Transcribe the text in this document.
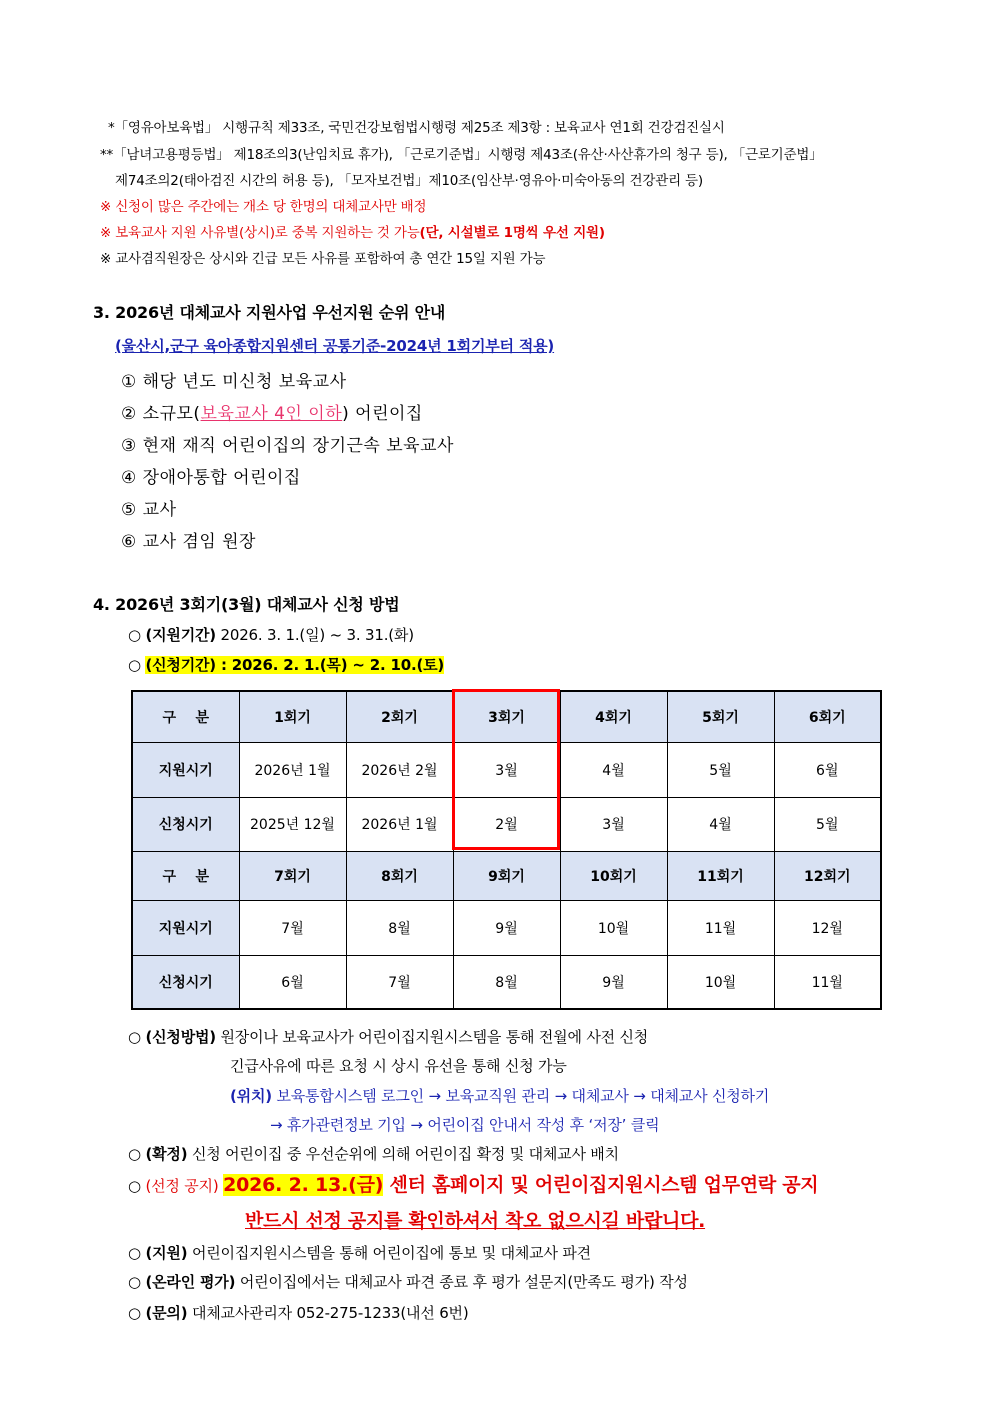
*「영유아보육법」 시행규칙 제33조, 국민건강보험법시행령 제25조 제3항 : 보육교사 연1회 건강검진실시
**「남녀고용평등법」 제18조의3(난임치료 휴가), 「근로기준법」시행령 제43조(유산·사산휴가의 청구 등), 「근로기준법」
제74조의2(태아검진 시간의 허용 등), 「모자보건법」제10조(임산부·영유아·미숙아동의 건강관리 등)
※ 신청이 많은 주간에는 개소 당 한명의 대체교사만 배정
※ 보육교사 지원 사유별(상시)로 중복 지원하는 것 가능(단, 시설별로 1명씩 우선 지원)
※ 교사겸직원장은 상시와 긴급 모든 사유를 포함하여 총 연간 15일 지원 가능
3. 2026년 대체교사 지원사업 우선지원 순위 안내
(울산시,군구 육아종합지원센터 공통기준-2024년 1회기부터 적용)
① 해당 년도 미신청 보육교사
② 소규모(보육교사 4인 이하) 어린이집
③ 현재 재직 어린이집의 장기근속 보육교사
④ 장애아통합 어린이집
⑤ 교사
⑥ 교사 겸임 원장
4. 2026년 3회기(3월) 대체교사 신청 방법
○ (지원기간) 2026. 3. 1.(일) ~ 3. 31.(화)
○ (신청기간) : 2026. 2. 1.(목) ~ 2. 10.(토)
구    분	1회기	2회기	3회기	4회기	5회기	6회기
지원시기	2026년 1월	2026년 2월	3월	4월	5월	6월
신청시기	2025년 12월	2026년 1월	2월	3월	4월	5월
구    분	7회기	8회기	9회기	10회기	11회기	12회기
지원시기	7월	8월	9월	10월	11월	12월
신청시기	6월	7월	8월	9월	10월	11월
○ (신청방법) 원장이나 보육교사가 어린이집지원시스템을 통해 전월에 사전 신청
긴급사유에 따른 요청 시 상시 유선을 통해 신청 가능
(위치) 보육통합시스템 로그인 → 보육교직원 관리 → 대체교사 → 대체교사 신청하기
→ 휴가관련정보 기입 → 어린이집 안내서 작성 후 ‘저장’ 클릭
○ (확정) 신청 어린이집 중 우선순위에 의해 어린이집 확정 및 대체교사 배치
○ (선정 공지) 2026. 2. 13.(금) 센터 홈페이지 및 어린이집지원시스템 업무연락 공지
반드시 선정 공지를 확인하셔서 착오 없으시길 바랍니다.
○ (지원) 어린이집지원시스템을 통해 어린이집에 통보 및 대체교사 파견
○ (온라인 평가) 어린이집에서는 대체교사 파견 종료 후 평가 설문지(만족도 평가) 작성
○ (문의) 대체교사관리자 052-275-1233(내선 6번)
